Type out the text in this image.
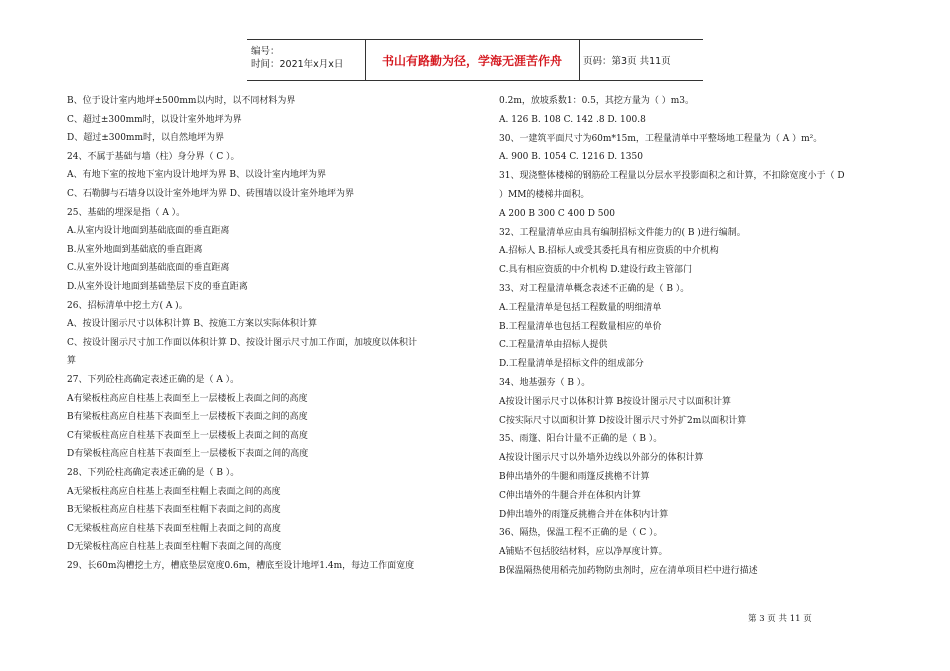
编号：
时间：2021年x月x日	书山有路勤为径，学海无涯苦作舟	页码：第3页 共11页
B、位于设计室内地坪±500mm以内时，以不同材料为界
C、超过±300mm时，以设计室外地坪为界
D、超过±300mm时，以自然地坪为界
24、不属于基础与墙（柱）身分界（ C ）。
A、有地下室的按地下室内设计地坪为界 B、以设计室内地坪为界
C、石勒脚与石墙身以设计室外地坪为界 D、砖围墙以设计室外地坪为界
25、基础的埋深是指（ A ）。
A.从室内设计地面到基础底面的垂直距离
B.从室外地面到基础底的垂直距离
C.从室外设计地面到基础底面的垂直距离
D.从室外设计地面到基础垫层下皮的垂直距离
26、招标清单中挖土方( A )。
A、按设计图示尺寸以体积计算 B、按施工方案以实际体积计算
C、按设计图示尺寸加工作面以体积计算 D、按设计图示尺寸加工作面，加坡度以体积计
算
27、下列砼柱高确定表述正确的是（ A ）。
A有梁板柱高应自柱基上表面至上一层楼板上表面之间的高度
B有梁板柱高应自柱基下表面至上一层楼板下表面之间的高度
C有梁板柱高应自柱基下表面至上一层楼板上表面之间的高度
D有梁板柱高应自柱基下表面至上一层楼板下表面之间的高度
28、下列砼柱高确定表述正确的是（ B ）。
A无梁板柱高应自柱基上表面至柱帽上表面之间的高度
B无梁板柱高应自柱基下表面至柱帽下表面之间的高度
C无梁板柱高应自柱基下表面至柱帽上表面之间的高度
D无梁板柱高应自柱基上表面至柱帽下表面之间的高度
29、长60m沟槽挖土方，槽底垫层宽度0.6m，槽底至设计地坪1.4m，每边工作面宽度
0.2m，放坡系数1：0.5，其挖方量为（ ）m3。
A. 126 B. 108 C. 142 .8 D. 100.8
30、一建筑平面尺寸为60m*15m，工程量清单中平整场地工程量为（ A ）m²。
A. 900 B. 1054 C. 1216 D. 1350
31、现浇整体楼梯的钢筋砼工程量以分层水平投影面积之和计算，不扣除宽度小于（ D
）MM的楼梯井面积。
A 200 B 300 C 400 D 500
32、工程量清单应由具有编制招标文件能力的( B )进行编制。
A.招标人 B.招标人或受其委托具有相应资质的中介机构
C.具有相应资质的中介机构 D.建设行政主管部门
33、对工程量清单概念表述不正确的是（ B ）。
A.工程量清单是包括工程数量的明细清单
B.工程量清单也包括工程数量相应的单价
C.工程量清单由招标人提供
D.工程量清单是招标文件的组成部分
34、地基强夯（ B ）。
A按设计图示尺寸以体积计算 B按设计图示尺寸以面积计算
C按实际尺寸以面积计算 D按设计图示尺寸外扩2m以面积计算
35、雨篷、阳台计量不正确的是（ B ）。
A按设计图示尺寸以外墙外边线以外部分的体积计算
B伸出墙外的牛腿和雨篷反挑檐不计算
C伸出墙外的牛腿合并在体积内计算
D伸出墙外的雨篷反挑檐合并在体积内计算
36、隔热，保温工程不正确的是（ C ）。
A铺贴不包括胶结材料，应以净厚度计算。
B保温隔热使用稻壳加药物防虫剂时，应在清单项目栏中进行描述
第 3 页 共 11 页
